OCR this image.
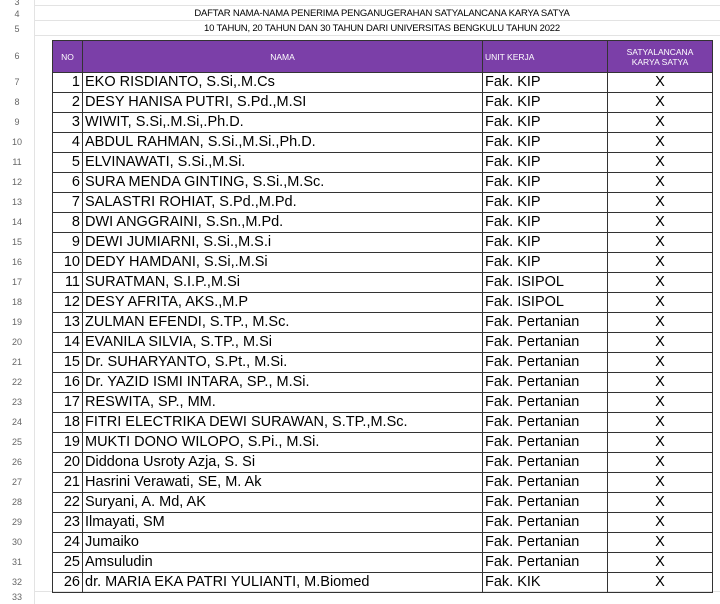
3
4
5
6
7
8
9
10
11
12
13
14
15
16
17
18
19
20
21
22
23
24
25
26
27
28
29
30
31
32
33
DAFTAR NAMA-NAMA PENERIMA PENGANUGERAHAN SATYALANCANA KARYA SATYA
10 TAHUN, 20 TAHUN DAN 30 TAHUN DARI UNIVERSITAS BENGKULU TAHUN 2022
NO	NAMA	UNIT KERJA	SATYALANCANA
KARYA SATYA
1	EKO RISDIANTO, S.Si,.M.Cs	Fak. KIP	X
2	DESY HANISA PUTRI, S.Pd.,M.SI	Fak. KIP	X
3	WIWIT, S.Si,.M.Si,.Ph.D.	Fak. KIP	X
4	ABDUL RAHMAN, S.Si.,M.Si.,Ph.D.	Fak. KIP	X
5	ELVINAWATI, S.Si.,M.Si.	Fak. KIP	X
6	SURA MENDA GINTING, S.Si.,M.Sc.	Fak. KIP	X
7	SALASTRI ROHIAT, S.Pd.,M.Pd.	Fak. KIP	X
8	DWI ANGGRAINI, S.Sn.,M.Pd.	Fak. KIP	X
9	DEWI JUMIARNI, S.Si.,M.S.i	Fak. KIP	X
10	DEDY HAMDANI, S.Si,.M.Si	Fak. KIP	X
11	SURATMAN, S.I.P.,M.Si	Fak. ISIPOL	X
12	DESY AFRITA, AKS.,M.P	Fak. ISIPOL	X
13	ZULMAN EFENDI, S.TP., M.Sc.	Fak. Pertanian	X
14	EVANILA SILVIA, S.TP., M.Si	Fak. Pertanian	X
15	Dr. SUHARYANTO, S.Pt., M.Si.	Fak. Pertanian	X
16	Dr. YAZID ISMI INTARA, SP., M.Si.	Fak. Pertanian	X
17	RESWITA, SP., MM.	Fak. Pertanian	X
18	FITRI ELECTRIKA DEWI SURAWAN, S.TP.,M.Sc.	Fak. Pertanian	X
19	MUKTI DONO WILOPO, S.Pi., M.Si.	Fak. Pertanian	X
20	Diddona Usroty Azja, S. Si	Fak. Pertanian	X
21	Hasrini Verawati, SE, M. Ak	Fak. Pertanian	X
22	Suryani, A. Md, AK	Fak. Pertanian	X
23	Ilmayati, SM	Fak. Pertanian	X
24	Jumaiko	Fak. Pertanian	X
25	Amsuludin	Fak. Pertanian	X
26	dr. MARIA EKA PATRI YULIANTI, M.Biomed	Fak. KIK	X
